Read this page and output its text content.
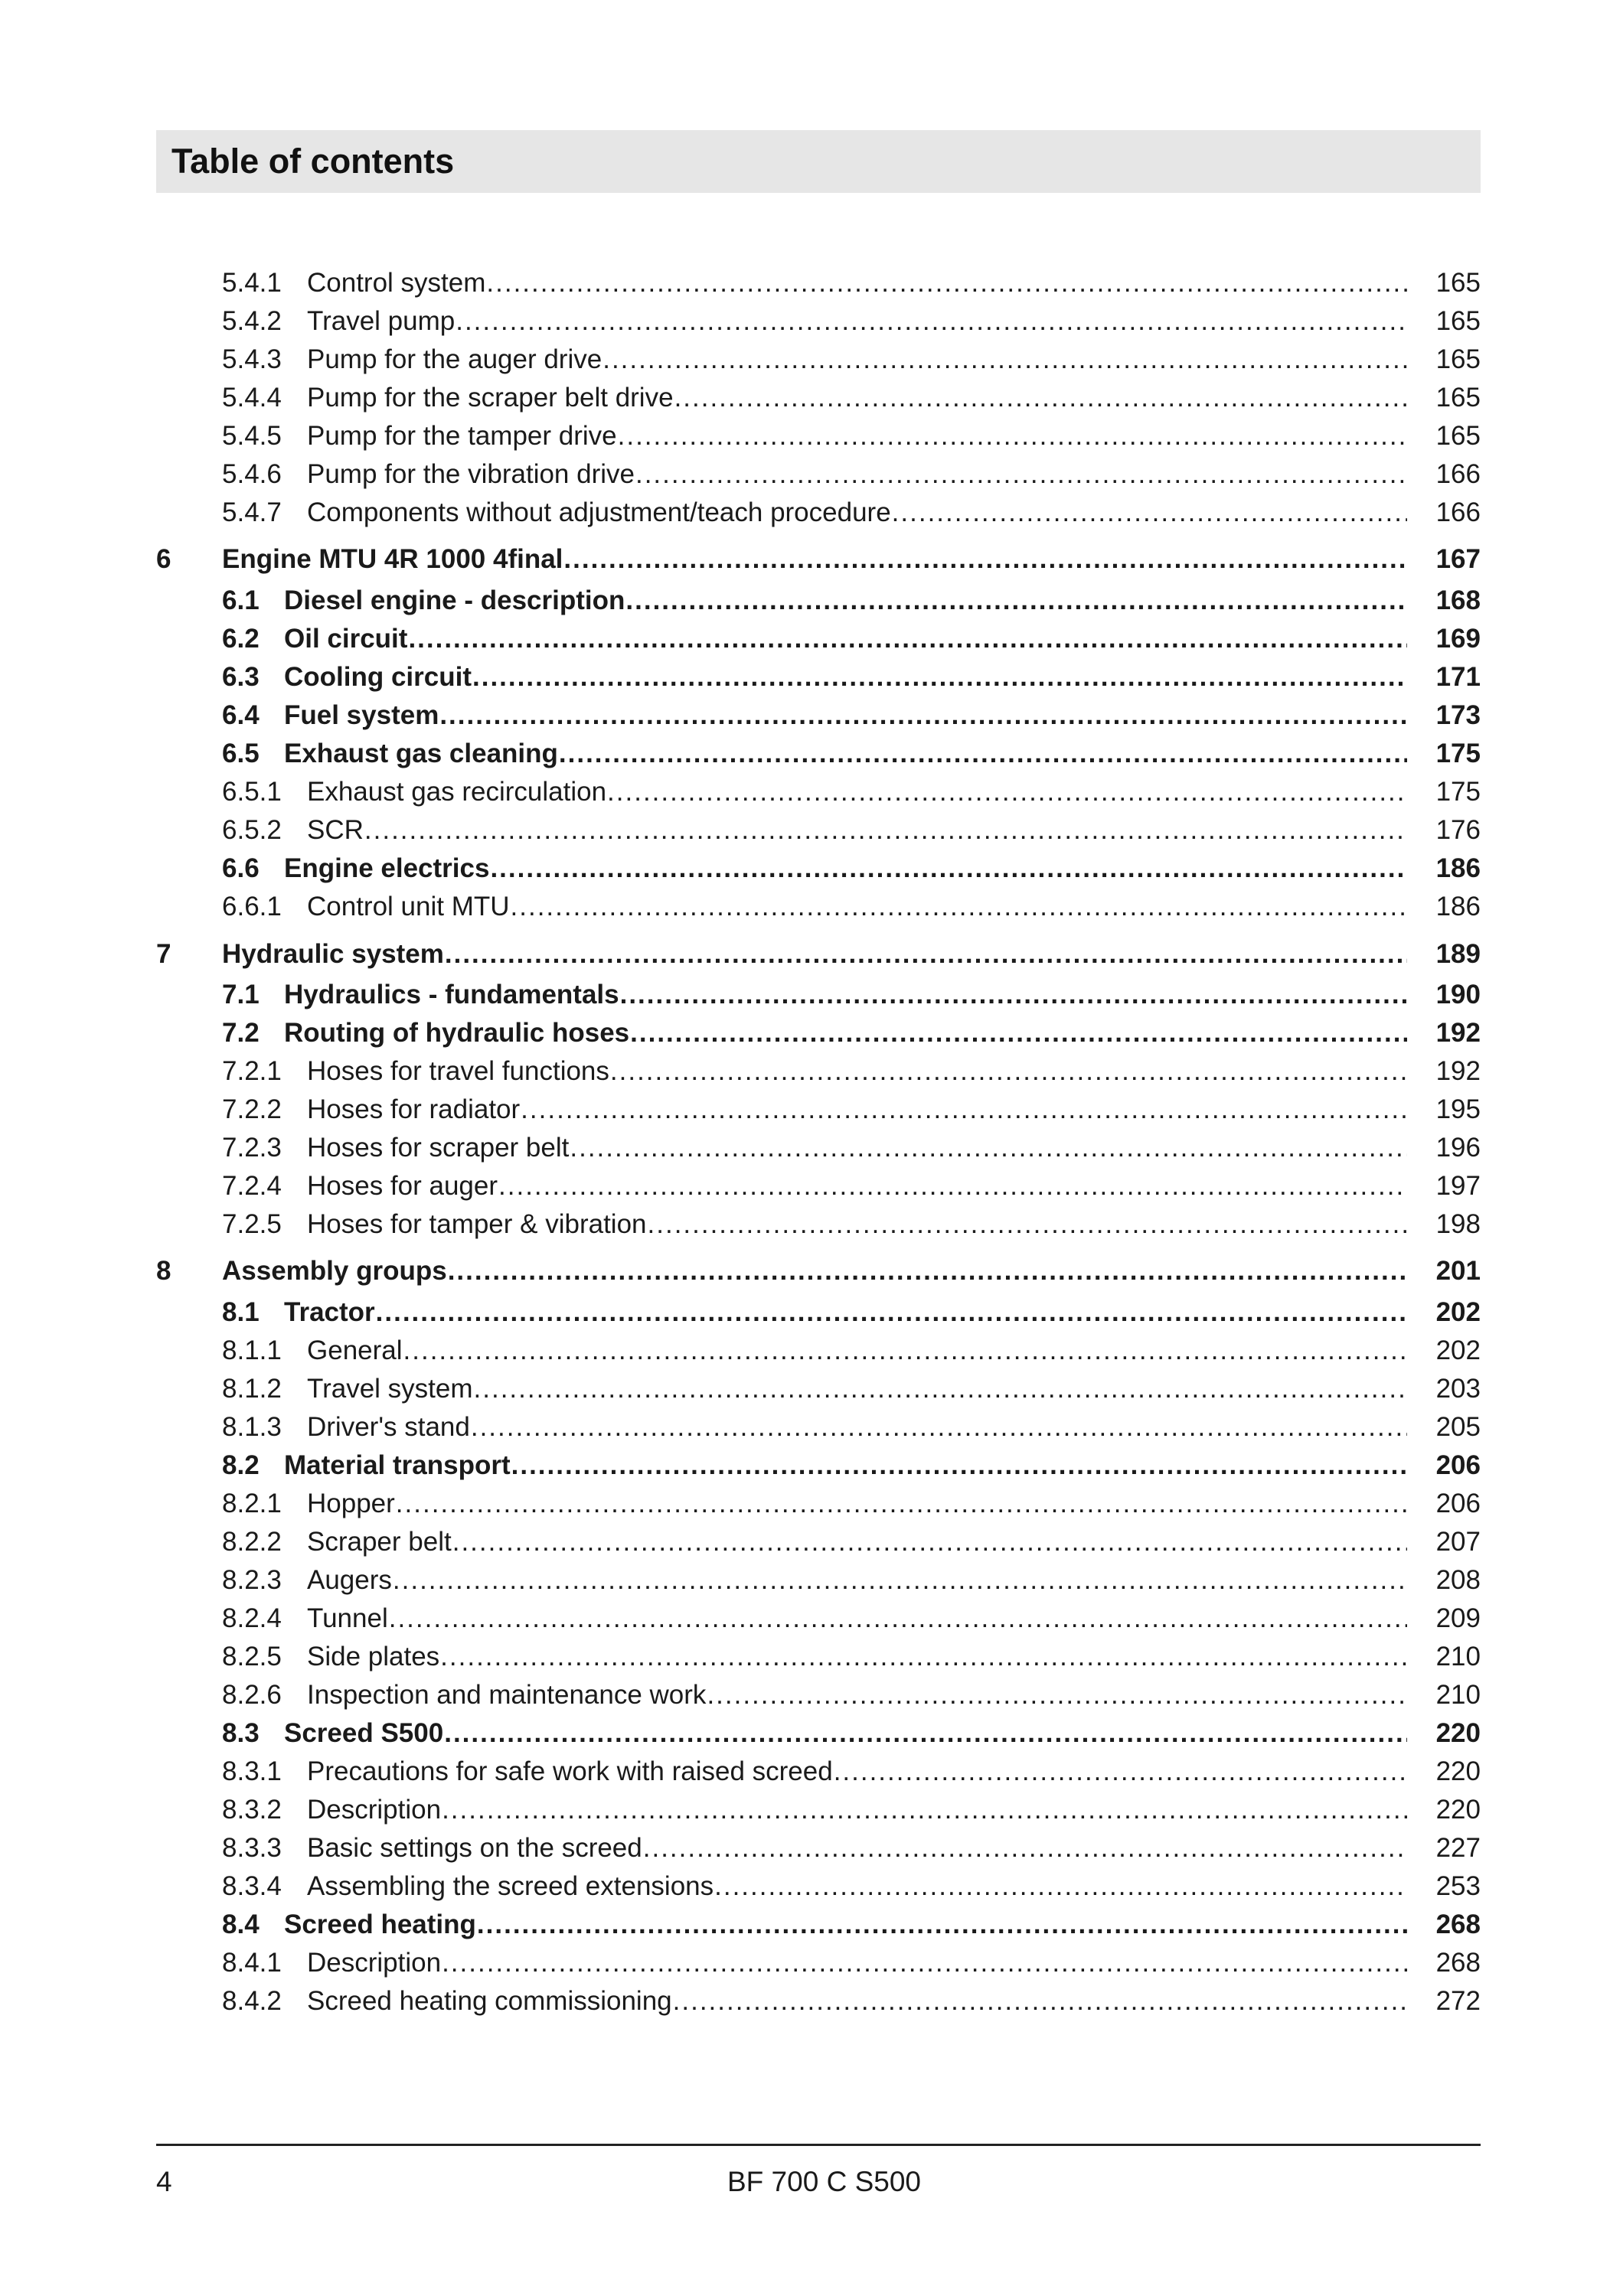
Table of contents
5.4.1 Control system .....	165
5.4.2 Travel pump .....	165
5.4.3 Pump for the auger drive .....	165
5.4.4 Pump for the scraper belt drive .....	165
5.4.5 Pump for the tamper drive .....	165
5.4.6 Pump for the vibration drive .....	166
5.4.7 Components without adjustment/teach procedure .....	166
6 Engine MTU 4R 1000 4final .....	167
6.1 Diesel engine - description .....	168
6.2 Oil circuit .....	169
6.3 Cooling circuit .....	171
6.4 Fuel system .....	173
6.5 Exhaust gas cleaning .....	175
6.5.1 Exhaust gas recirculation .....	175
6.5.2 SCR .....	176
6.6 Engine electrics .....	186
6.6.1 Control unit MTU .....	186
7 Hydraulic system .....	189
7.1 Hydraulics - fundamentals .....	190
7.2 Routing of hydraulic hoses .....	192
7.2.1 Hoses for travel functions .....	192
7.2.2 Hoses for radiator .....	195
7.2.3 Hoses for scraper belt .....	196
7.2.4 Hoses for auger .....	197
7.2.5 Hoses for tamper & vibration .....	198
8 Assembly groups .....	201
8.1 Tractor .....	202
8.1.1 General .....	202
8.1.2 Travel system .....	203
8.1.3 Driver's stand .....	205
8.2 Material transport .....	206
8.2.1 Hopper .....	206
8.2.2 Scraper belt .....	207
8.2.3 Augers .....	208
8.2.4 Tunnel .....	209
8.2.5 Side plates .....	210
8.2.6 Inspection and maintenance work .....	210
8.3 Screed S500 .....	220
8.3.1 Precautions for safe work with raised screed .....	220
8.3.2 Description .....	220
8.3.3 Basic settings on the screed .....	227
8.3.4 Assembling the screed extensions .....	253
8.4 Screed heating .....	268
8.4.1 Description .....	268
8.4.2 Screed heating commissioning .....	272
4	BF 700 C S500
